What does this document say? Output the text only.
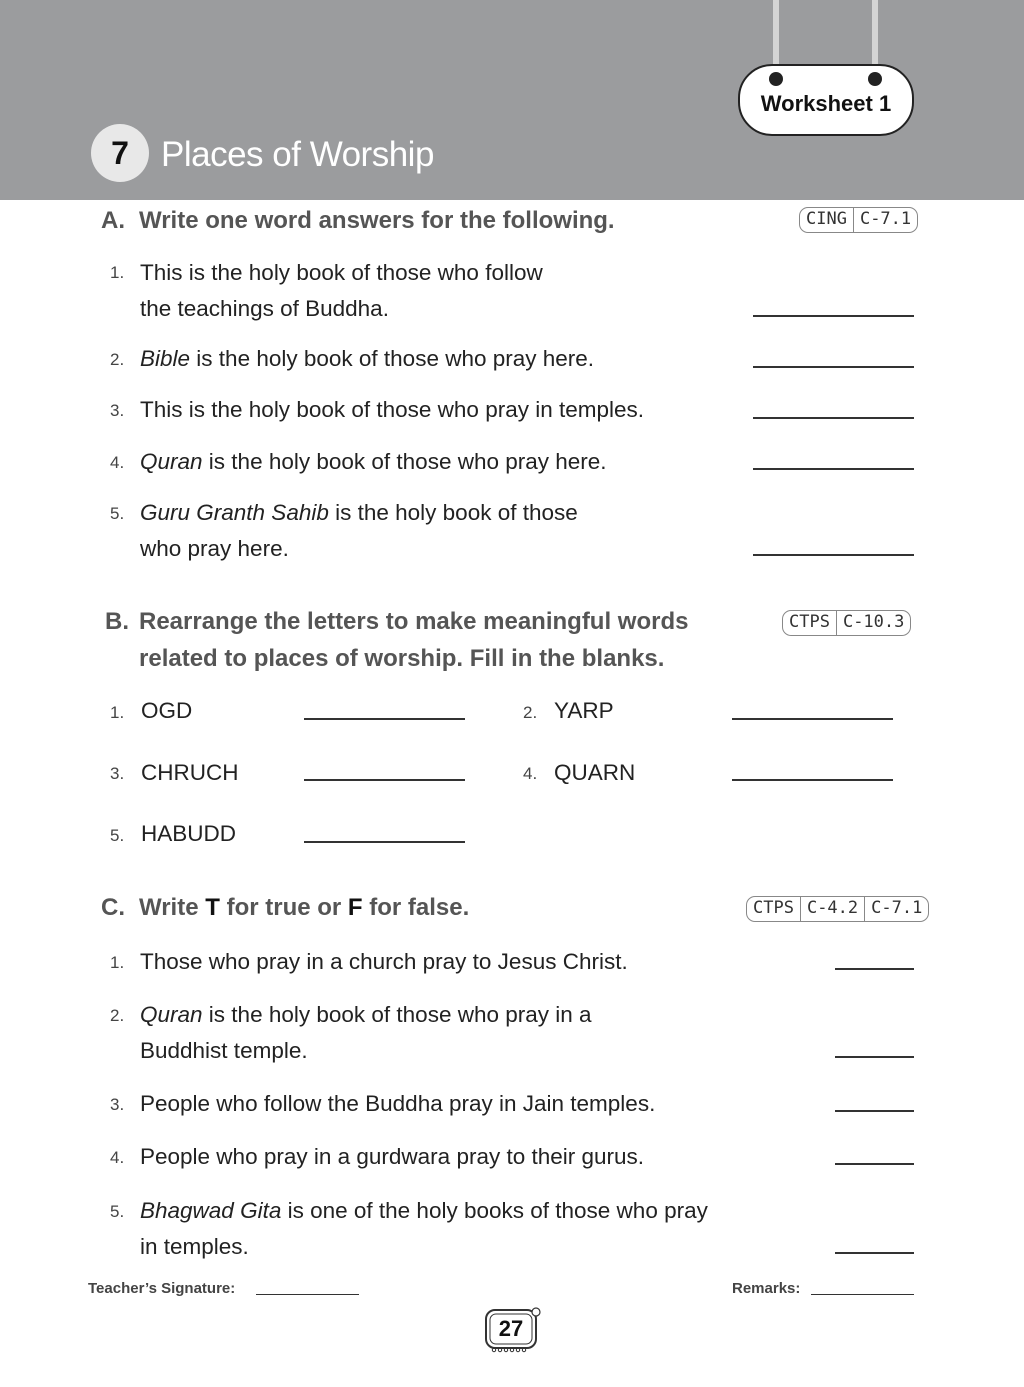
Worksheet 1
7 Places of Worship
A. Write one word answers for the following.	CING C-7.1
1. This is the holy book of those who follow
the teachings of Buddha.
2. Bible is the holy book of those who pray here.
3. This is the holy book of those who pray in temples.
4. Quran is the holy book of those who pray here.
5. Guru Granth Sahib is the holy book of those
who pray here.
B. Rearrange the letters to make meaningful words
related to places of worship. Fill in the blanks.
CTPS C-10.3
1. OGD	2. YARP
3. CHRUCH	4. QUARN
5. HABUDD
C. Write T for true or F for false.	CTPS C-4.2 C-7.1
1. Those who pray in a church pray to Jesus Christ.
2. Quran is the holy book of those who pray in a
Buddhist temple.
3. People who follow the Buddha pray in Jain temples.
4. People who pray in a gurdwara pray to their gurus.
5. Bhagwad Gita is one of the holy books of those who pray
in temples.
Teacher’s Signature:	Remarks:
27
